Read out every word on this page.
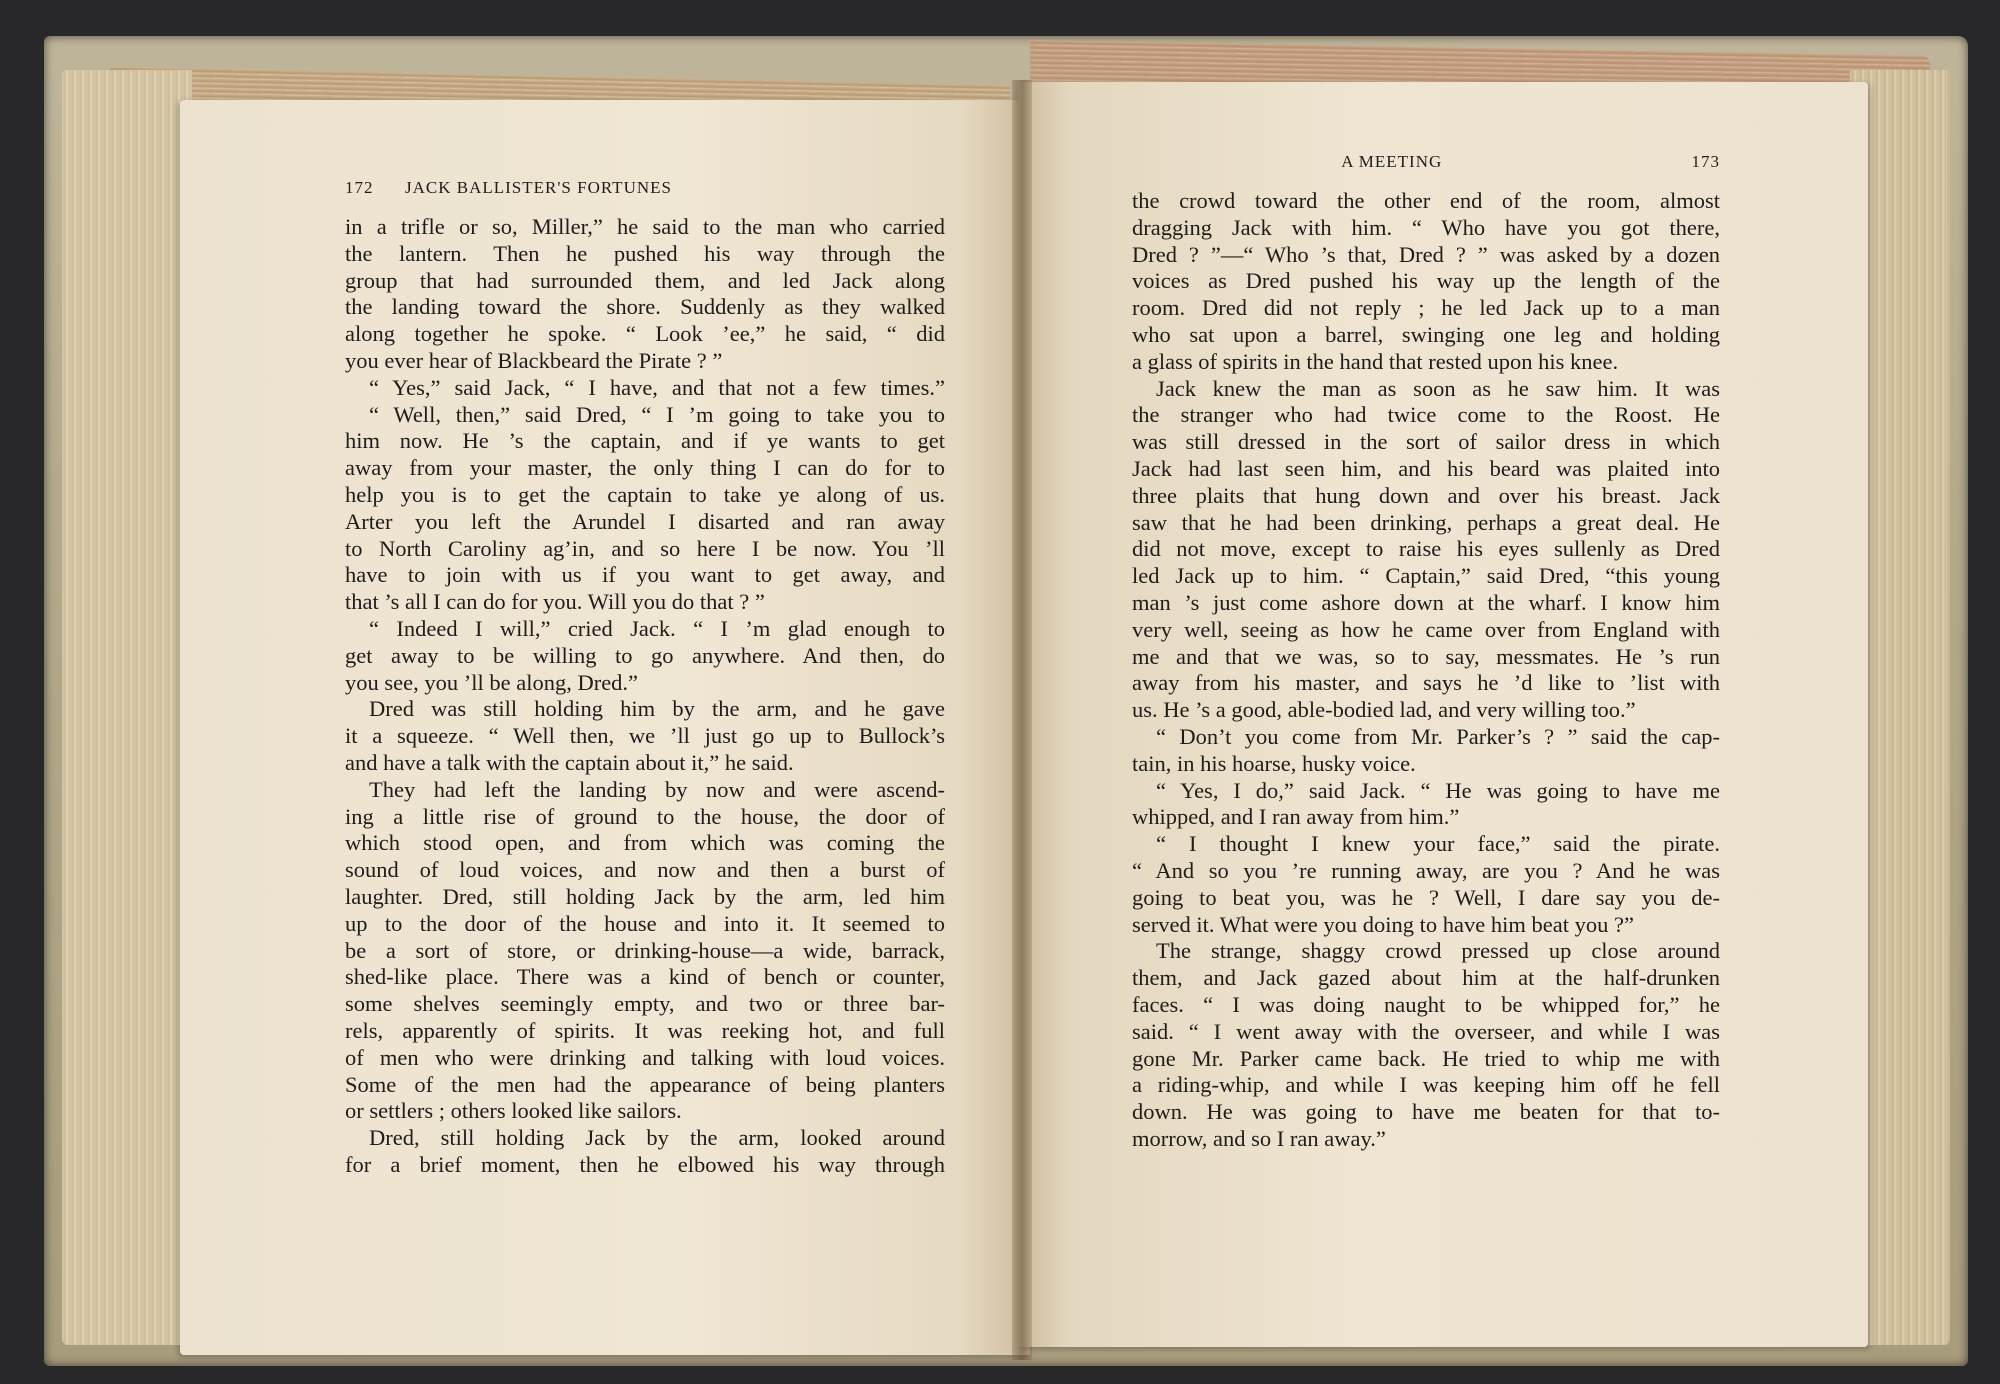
172	JACK BALLISTER'S FORTUNES
in a trifle or so, Miller,” he said to the man who carried
the lantern. Then he pushed his way through the
group that had surrounded them, and led Jack along
the landing toward the shore. Suddenly as they walked
along together he spoke. “ Look ’ee,” he said, “ did
you ever hear of Blackbeard the Pirate ? ”
“ Yes,” said Jack, “ I have, and that not a few times.”
“ Well, then,” said Dred, “ I ’m going to take you to
him now. He ’s the captain, and if ye wants to get
away from your master, the only thing I can do for to
help you is to get the captain to take ye along of us.
Arter you left the Arundel I disarted and ran away
to North Caroliny ag’in, and so here I be now. You ’ll
have to join with us if you want to get away, and
that ’s all I can do for you. Will you do that ? ”
“ Indeed I will,” cried Jack. “ I ’m glad enough to
get away to be willing to go anywhere. And then, do
you see, you ’ll be along, Dred.”
Dred was still holding him by the arm, and he gave
it a squeeze. “ Well then, we ’ll just go up to Bullock’s
and have a talk with the captain about it,” he said.
They had left the landing by now and were ascend-
ing a little rise of ground to the house, the door of
which stood open, and from which was coming the
sound of loud voices, and now and then a burst of
laughter. Dred, still holding Jack by the arm, led him
up to the door of the house and into it. It seemed to
be a sort of store, or drinking-house—a wide, barrack,
shed-like place. There was a kind of bench or counter,
some shelves seemingly empty, and two or three bar-
rels, apparently of spirits. It was reeking hot, and full
of men who were drinking and talking with loud voices.
Some of the men had the appearance of being planters
or settlers ; others looked like sailors.
Dred, still holding Jack by the arm, looked around
for a brief moment, then he elbowed his way through
A MEETING	173
the crowd toward the other end of the room, almost
dragging Jack with him. “ Who have you got there,
Dred ? ”—“ Who ’s that, Dred ? ” was asked by a dozen
voices as Dred pushed his way up the length of the
room. Dred did not reply ; he led Jack up to a man
who sat upon a barrel, swinging one leg and holding
a glass of spirits in the hand that rested upon his knee.
Jack knew the man as soon as he saw him. It was
the stranger who had twice come to the Roost. He
was still dressed in the sort of sailor dress in which
Jack had last seen him, and his beard was plaited into
three plaits that hung down and over his breast. Jack
saw that he had been drinking, perhaps a great deal. He
did not move, except to raise his eyes sullenly as Dred
led Jack up to him. “ Captain,” said Dred, “this young
man ’s just come ashore down at the wharf. I know him
very well, seeing as how he came over from England with
me and that we was, so to say, messmates. He ’s run
away from his master, and says he ’d like to ’list with
us. He ’s a good, able-bodied lad, and very willing too.”
“ Don’t you come from Mr. Parker’s ? ” said the cap-
tain, in his hoarse, husky voice.
“ Yes, I do,” said Jack. “ He was going to have me
whipped, and I ran away from him.”
“ I thought I knew your face,” said the pirate.
“ And so you ’re running away, are you ? And he was
going to beat you, was he ? Well, I dare say you de-
served it. What were you doing to have him beat you ?”
The strange, shaggy crowd pressed up close around
them, and Jack gazed about him at the half-drunken
faces. “ I was doing naught to be whipped for,” he
said. “ I went away with the overseer, and while I was
gone Mr. Parker came back. He tried to whip me with
a riding-whip, and while I was keeping him off he fell
down. He was going to have me beaten for that to-
morrow, and so I ran away.”
